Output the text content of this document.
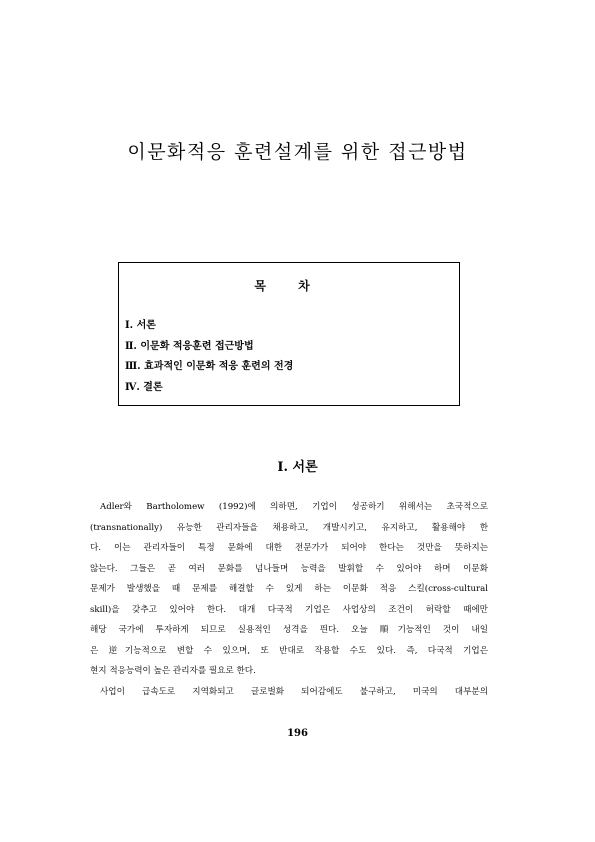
이문화적응 훈련설계를 위한 접근방법
목 차
Ⅰ. 서론
Ⅱ. 이문화 적응훈련 접근방법
Ⅲ. 효과적인 이문화 적응 훈련의 전경
Ⅳ. 결론
I. 서론
Adler와 Bartholomew (1992)에 의하면, 기업이 성공하기 위해서는 초국적으로
(transnationally) 유능한 관리자들을 채용하고, 개발시키고, 유지하고, 활용해야 한
다. 이는 관리자들이 특정 문화에 대한 전문가가 되어야 한다는 것만을 뜻하지는
않는다. 그들은 곧 여러 문화를 넘나들며 능력을 발휘할 수 있어야 하며 이문화
문제가 발생했을 때 문제를 해결할 수 있게 하는 이문화 적응 스킬(cross-cultural
skill)을 갖추고 있어야 한다. 대개 다국적 기업은 사업상의 조건이 허락할 때에만
해당 국가에 투자하게 되므로 실용적인 성격을 띈다. 오늘 順기능적인 것이 내일
은 逆기능적으로 변할 수 있으며, 또 반대로 작용할 수도 있다. 즉, 다국적 기업은
현지 적응능력이 높은 관리자를 필요로 한다.
사업이 급속도로 지역화되고 글로벌화 되어감에도 불구하고, 미국의 대부분의
196
